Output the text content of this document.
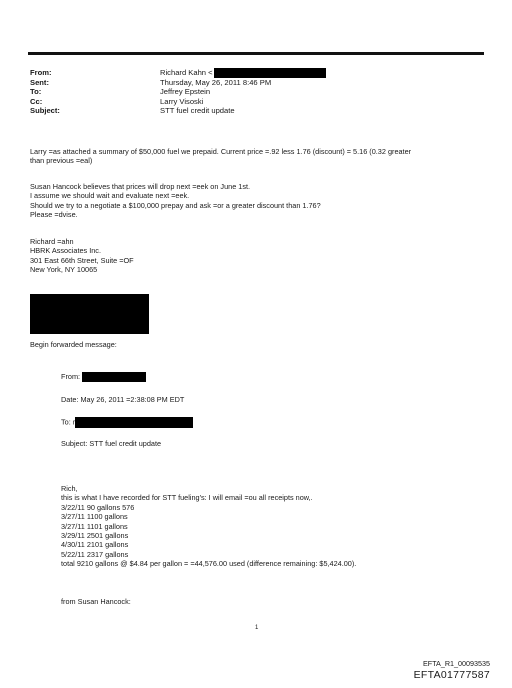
From:
Sent:
To:
Cc:
Subject:
Richard Kahn <
Thursday, May 26, 2011 8:46 PM
Jeffrey Epstein
Larry Visoski
STT fuel credit update
Larry =as attached a summary of $50,000 fuel we prepaid. Current price =.92 less 1.76 (discount) = 5.16 (0.32 greater
than previous =eal)
Susan Hancock believes that prices will drop next =eek on June 1st.
I assume we should wait and evaluate next =eek.
Should we try to a negotiate a $100,000 prepay and ask =or a greater discount than 1.76?
Please =dvise.
Richard =ahn
HBRK Associates Inc.
301 East 66th Street, Suite =OF
New York, NY 10065
Begin forwarded message:
From:
Date: May 26, 2011 =2:38:08 PM EDT
To: r
Subject: STT fuel credit update
Rich,
this is what I have recorded for STT fueling's: I will email =ou all receipts now,.
3/22/11 90 gallons 576
3/27/11 1100 gallons
3/27/11 1101 gallons
3/29/11 2501 gallons
4/30/11 2101 gallons
5/22/11 2317 gallons
total 9210 gallons @ $4.84 per gallon = =44,576.00 used (difference remaining: $5,424.00).
from Susan Hancock:
1
EFTA_R1_00093535
EFTA01777587
